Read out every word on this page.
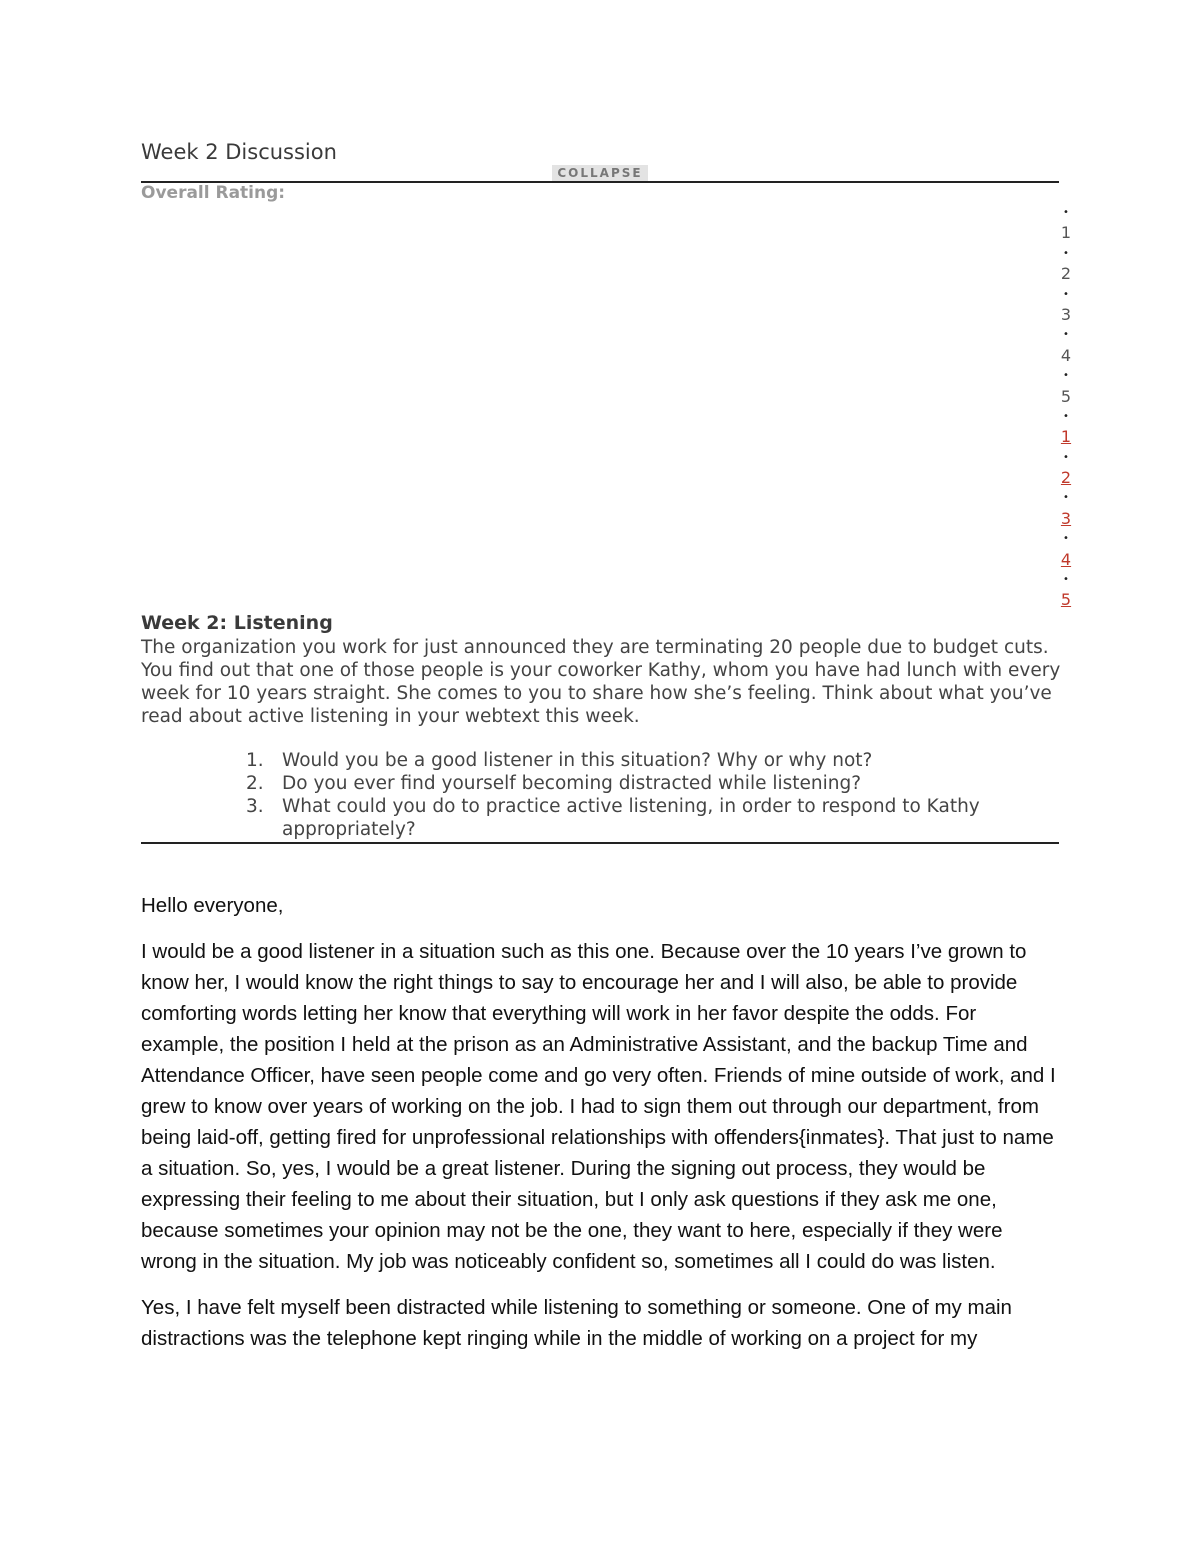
Week 2 Discussion
COLLAPSE
Overall Rating:
•
1
•
2
•
3
•
4
•
5
•
1
•
2
•
3
•
4
•
5
Week 2: Listening

The organization you work for just announced they are terminating 20 people due to budget cuts. You find out that one of those people is your coworker Kathy, whom you have had lunch with every week for 10 years straight. She comes to you to share how she’s feeling. Think about what you’ve read about active listening in your webtext this week.

1. Would you be a good listener in this situation? Why or why not?
2. Do you ever find yourself becoming distracted while listening?
3. What could you do to practice active listening, in order to respond to Kathy appropriately?

Hello everyone,

I would be a good listener in a situation such as this one. Because over the 10 years I’ve grown to know her, I would know the right things to say to encourage her and I will also, be able to provide comforting words letting her know that everything will work in her favor despite the odds. For example, the position I held at the prison as an Administrative Assistant, and the backup Time and Attendance Officer, have seen people come and go very often. Friends of mine outside of work, and I grew to know over years of working on the job. I had to sign them out through our department, from being laid-off, getting fired for unprofessional relationships with offenders{inmates}. That just to name a situation. So, yes, I would be a great listener. During the signing out process, they would be expressing their feeling to me about their situation, but I only ask questions if they ask me one, because sometimes your opinion may not be the one, they want to here, especially if they were wrong in the situation. My job was noticeably confident so, sometimes all I could do was listen.

Yes, I have felt myself been distracted while listening to something or someone. One of my main distractions was the telephone kept ringing while in the middle of working on a project for my
